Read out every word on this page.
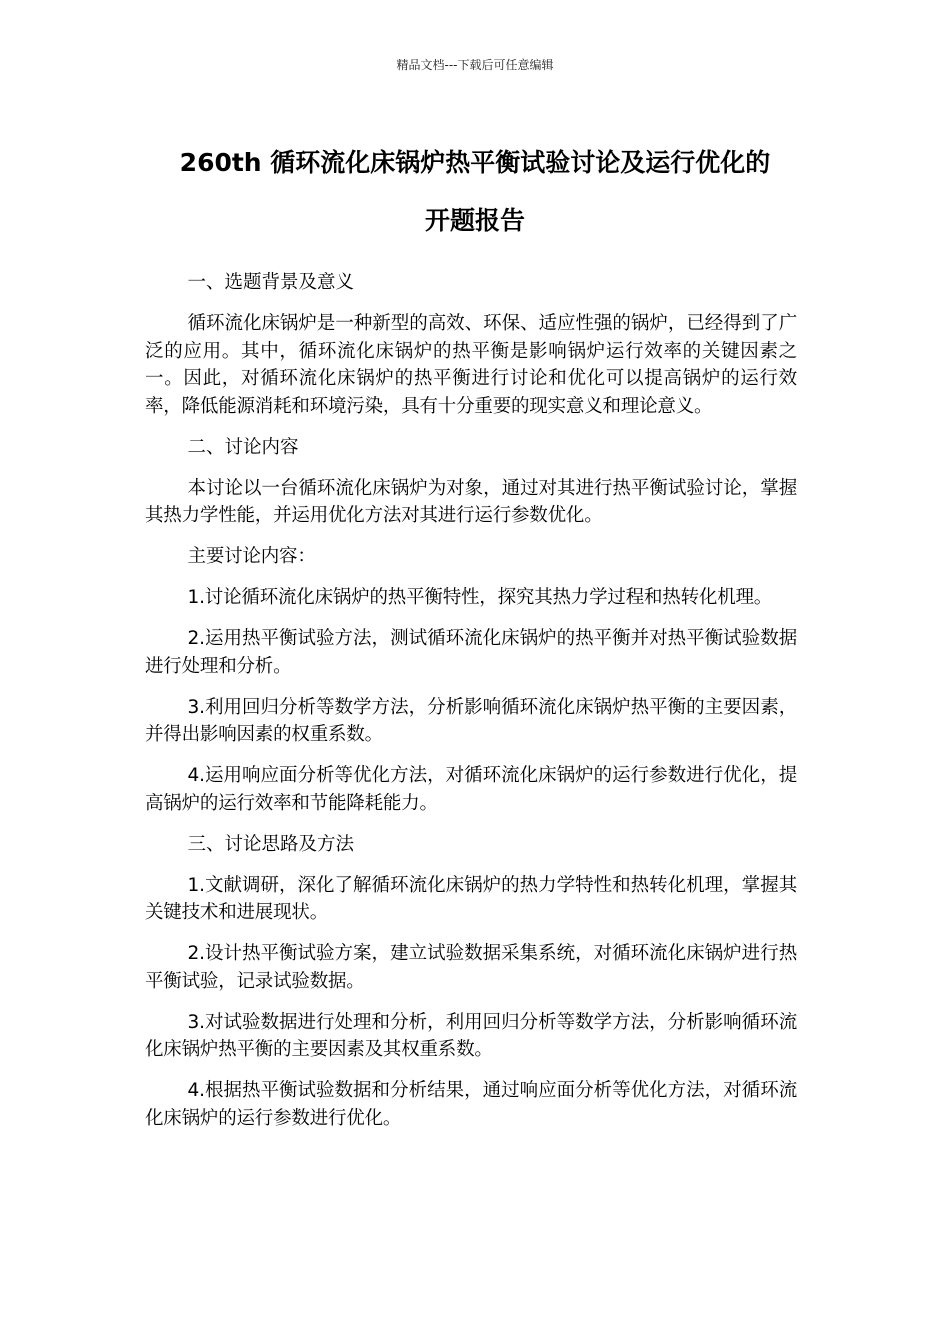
精品文档---下载后可任意编辑
260th 循环流化床锅炉热平衡试验讨论及运行优化的
开题报告
一、选题背景及意义

循环流化床锅炉是一种新型的高效、环保、适应性强的锅炉，已经得到了广泛的应用。其中，循环流化床锅炉的热平衡是影响锅炉运行效率的关键因素之一。因此，对循环流化床锅炉的热平衡进行讨论和优化可以提高锅炉的运行效率，降低能源消耗和环境污染，具有十分重要的现实意义和理论意义。

二、讨论内容

本讨论以一台循环流化床锅炉为对象，通过对其进行热平衡试验讨论，掌握其热力学性能，并运用优化方法对其进行运行参数优化。

主要讨论内容：

1.讨论循环流化床锅炉的热平衡特性，探究其热力学过程和热转化机理。

2.运用热平衡试验方法，测试循环流化床锅炉的热平衡并对热平衡试验数据进行处理和分析。

3.利用回归分析等数学方法，分析影响循环流化床锅炉热平衡的主要因素，并得出影响因素的权重系数。

4.运用响应面分析等优化方法，对循环流化床锅炉的运行参数进行优化，提高锅炉的运行效率和节能降耗能力。

三、讨论思路及方法

1.文献调研，深化了解循环流化床锅炉的热力学特性和热转化机理，掌握其关键技术和进展现状。

2.设计热平衡试验方案，建立试验数据采集系统，对循环流化床锅炉进行热平衡试验，记录试验数据。

3.对试验数据进行处理和分析，利用回归分析等数学方法，分析影响循环流化床锅炉热平衡的主要因素及其权重系数。

4.根据热平衡试验数据和分析结果，通过响应面分析等优化方法，对循环流化床锅炉的运行参数进行优化。
